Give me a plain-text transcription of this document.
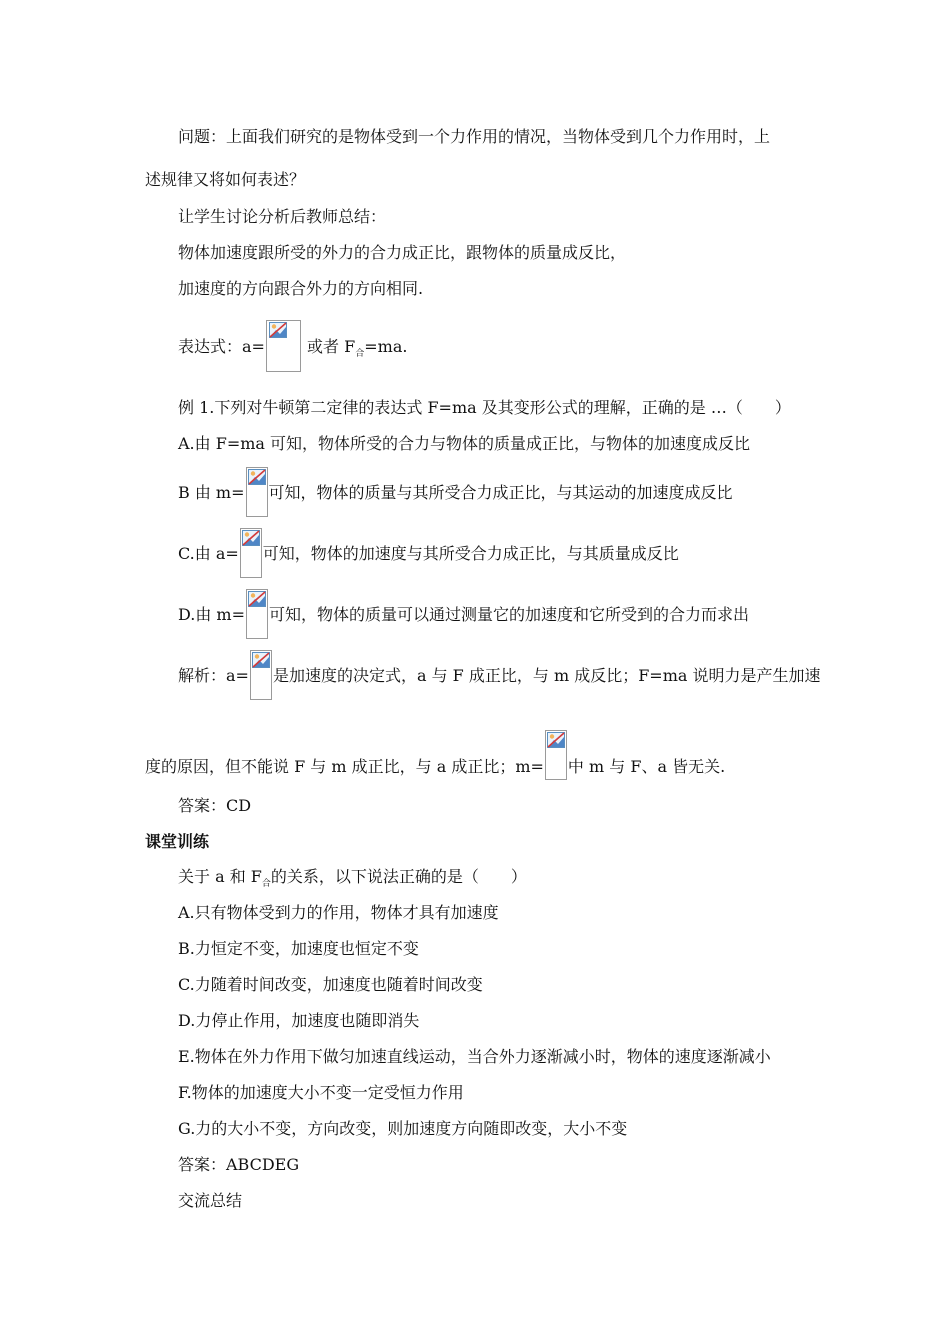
问题：上面我们研究的是物体受到一个力作用的情况，当物体受到几个力作用时，上
述规律又将如何表述？
让学生讨论分析后教师总结：
物体加速度跟所受的外力的合力成正比，跟物体的质量成反比，
加速度的方向跟合外力的方向相同.
表达式：a=	或者 $F_合=ma$.
例 1.下列对牛顿第二定律的表达式 F=ma 及其变形公式的理解，正确的是 …（　　）
A.由 F=ma 可知，物体所受的合力与物体的质量成正比，与物体的加速度成反比
B 由 m= 可知，物体的质量与其所受合力成正比，与其运动的加速度成反比
C.由 a= 可知，物体的加速度与其所受合力成正比，与其质量成反比
D.由 m= 可知，物体的质量可以通过测量它的加速度和它所受到的合力而求出
解析：a= 是加速度的决定式，a 与 F 成正比，与 m 成反比；F=ma 说明力是产生加速
度的原因，但不能说 F 与 m 成正比，与 a 成正比；m= 中 m 与 F、a 皆无关.
答案：CD
课堂训练
关于 a 和 $F_合$的关系，以下说法正确的是（　　）
A.只有物体受到力的作用，物体才具有加速度
B.力恒定不变，加速度也恒定不变
C.力随着时间改变，加速度也随着时间改变
D.力停止作用，加速度也随即消失
E.物体在外力作用下做匀加速直线运动，当合外力逐渐减小时，物体的速度逐渐减小
F.物体的加速度大小不变一定受恒力作用
G.力的大小不变，方向改变，则加速度方向随即改变，大小不变
答案：ABCDEG
交流总结
